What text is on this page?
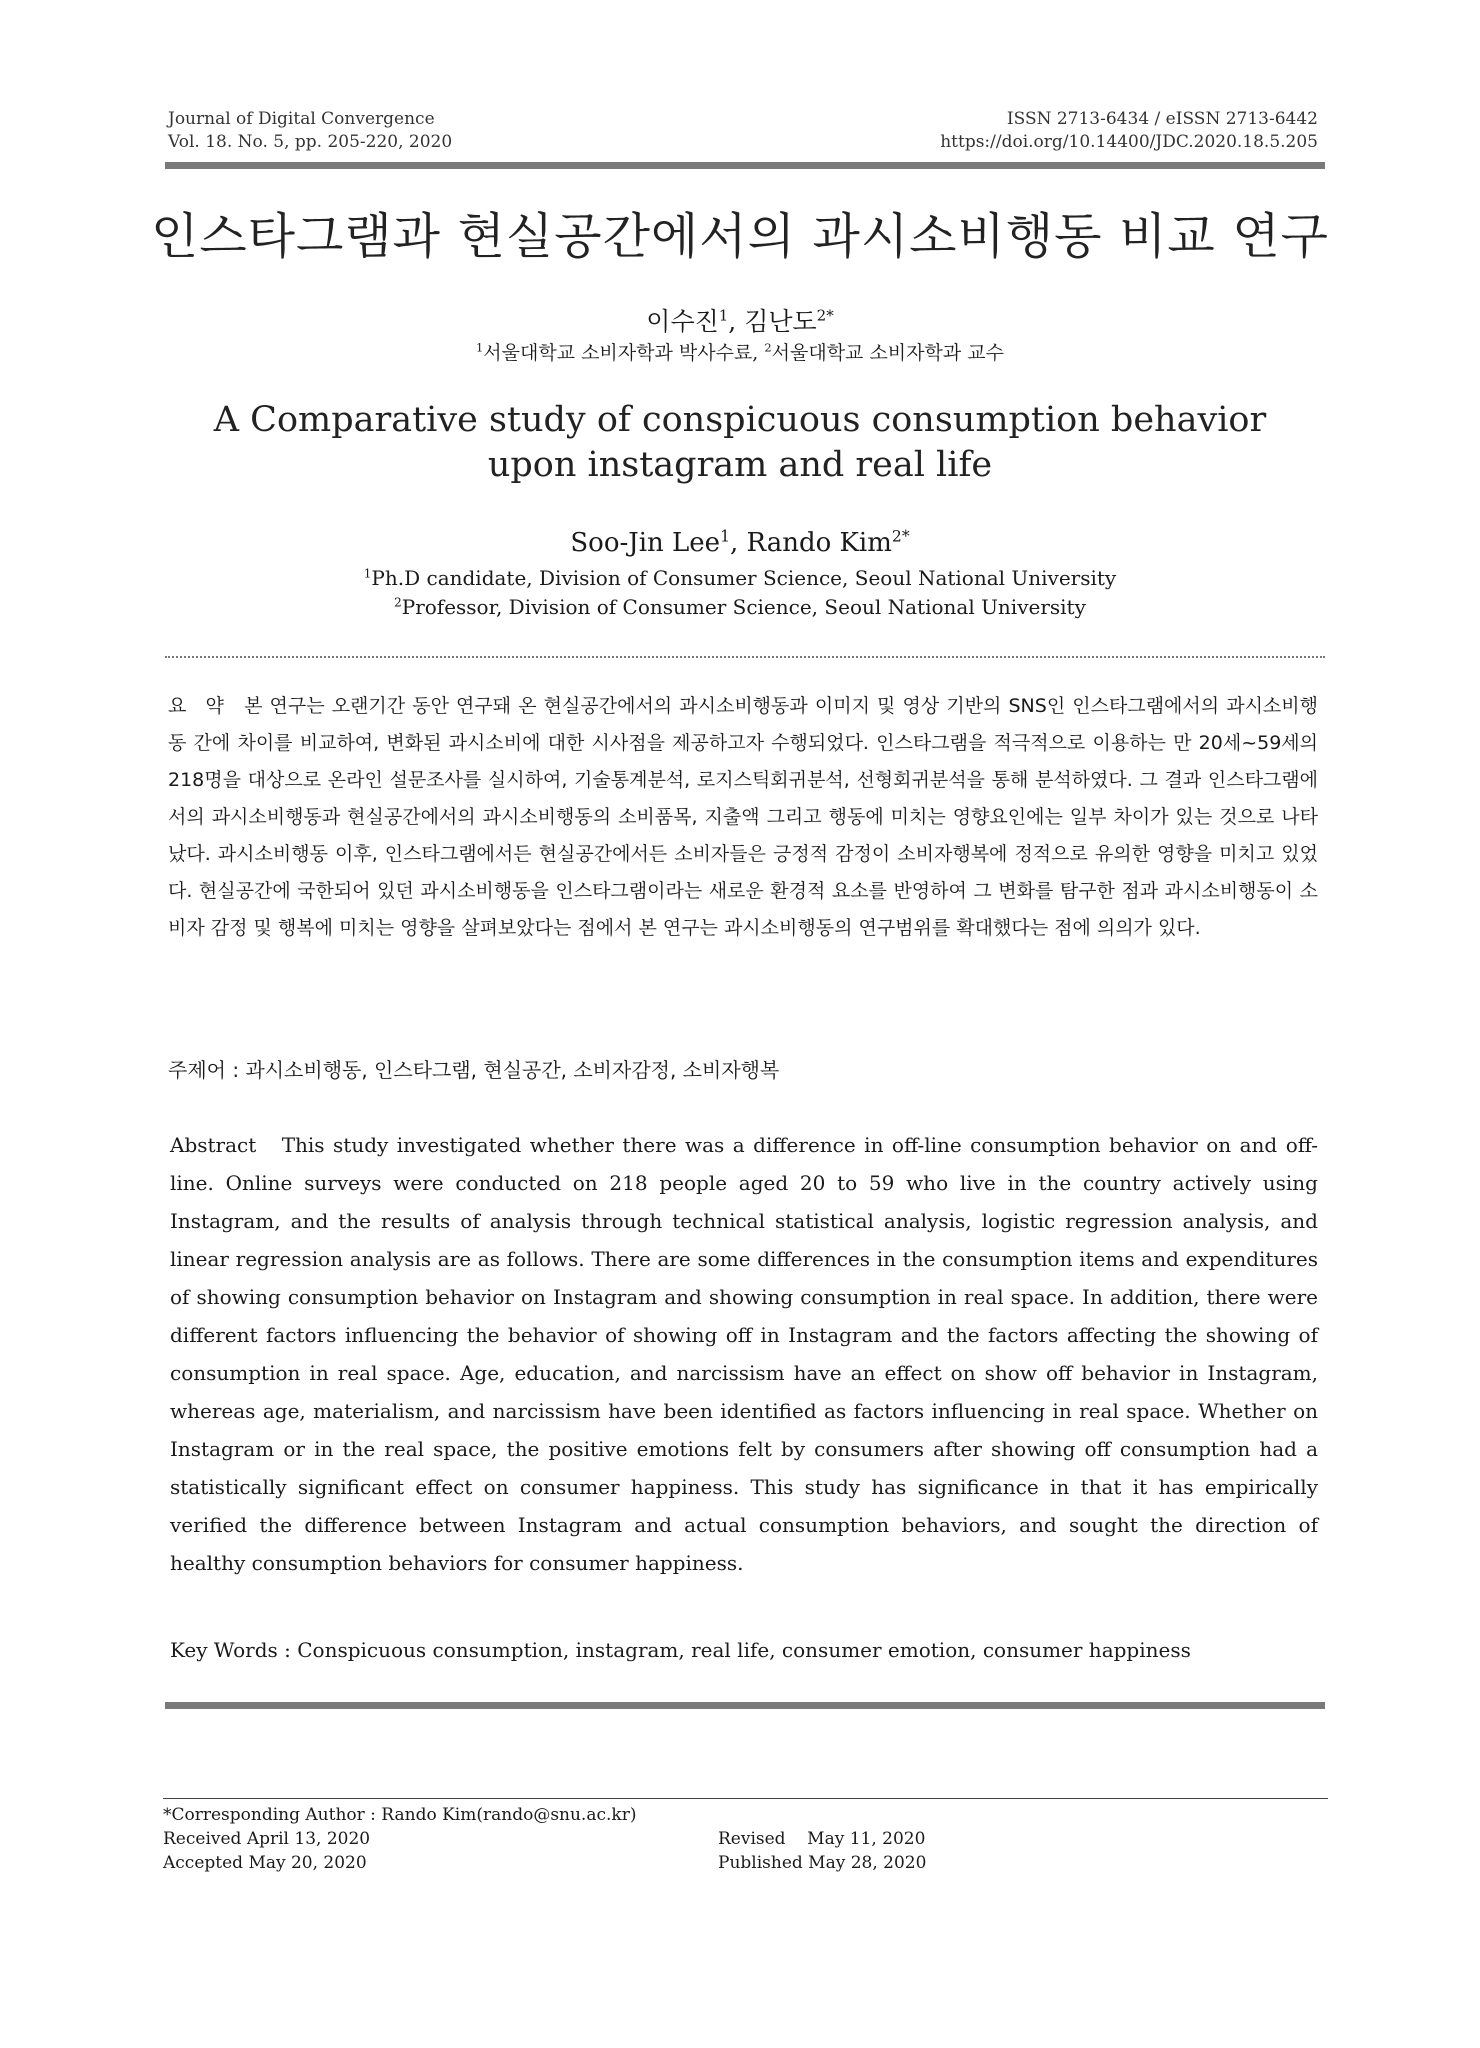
Journal of Digital Convergence
Vol. 18. No. 5, pp. 205-220, 2020
ISSN 2713-6434 / eISSN 2713-6442
https://doi.org/10.14400/JDC.2020.18.5.205
인스타그램과 현실공간에서의 과시소비행동 비교 연구
이수진$^1$, 김난도$^{2*}$
$^1$서울대학교 소비자학과 박사수료, $^2$서울대학교 소비자학과 교수
A Comparative study of conspicuous consumption behavior upon instagram and real life
Soo-Jin Lee$^1$, Rando Kim$^{2*}$
$^1$Ph.D candidate, Division of Consumer Science, Seoul National University
$^2$Professor, Division of Consumer Science, Seoul National University
요 약 본 연구는 오랜기간 동안 연구돼 온 현실공간에서의 과시소비행동과 이미지 및 영상 기반의 SNS인 인스타그램에서의 과시소비행동 간에 차이를 비교하여, 변화된 과시소비에 대한 시사점을 제공하고자 수행되었다. 인스타그램을 적극적으로 이용하는 만 20세~59세의 218명을 대상으로 온라인 설문조사를 실시하여, 기술통계분석, 로지스틱회귀분석, 선형회귀분석을 통해 분석하였다. 그 결과 인스타그램에서의 과시소비행동과 현실공간에서의 과시소비행동의 소비품목, 지출액 그리고 행동에 미치는 영향요인에는 일부 차이가 있는 것으로 나타났다. 과시소비행동 이후, 인스타그램에서든 현실공간에서든 소비자들은 긍정적 감정이 소비자행복에 정적으로 유의한 영향을 미치고 있었다. 현실공간에 국한되어 있던 과시소비행동을 인스타그램이라는 새로운 환경적 요소를 반영하여 그 변화를 탐구한 점과 과시소비행동이 소비자 감정 및 행복에 미치는 영향을 살펴보았다는 점에서 본 연구는 과시소비행동의 연구범위를 확대했다는 점에 의의가 있다.
주제어 : 과시소비행동, 인스타그램, 현실공간, 소비자감정, 소비자행복
Abstract This study investigated whether there was a difference in off-line consumption behavior on and off-line. Online surveys were conducted on 218 people aged 20 to 59 who live in the country actively using Instagram, and the results of analysis through technical statistical analysis, logistic regression analysis, and linear regression analysis are as follows. There are some differences in the consumption items and expenditures of showing consumption behavior on Instagram and showing consumption in real space. In addition, there were different factors influencing the behavior of showing off in Instagram and the factors affecting the showing of consumption in real space. Age, education, and narcissism have an effect on show off behavior in Instagram, whereas age, materialism, and narcissism have been identified as factors influencing in real space. Whether on Instagram or in the real space, the positive emotions felt by consumers after showing off consumption had a statistically significant effect on consumer happiness. This study has significance in that it has empirically verified the difference between Instagram and actual consumption behaviors, and sought the direction of healthy consumption behaviors for consumer happiness.
Key Words : Conspicuous consumption, instagram, real life, consumer emotion, consumer happiness
*Corresponding Author : Rando Kim(rando@snu.ac.kr)
Received April 13, 2020	Revised    May 11, 2020
Accepted May 20, 2020	Published May 28, 2020
